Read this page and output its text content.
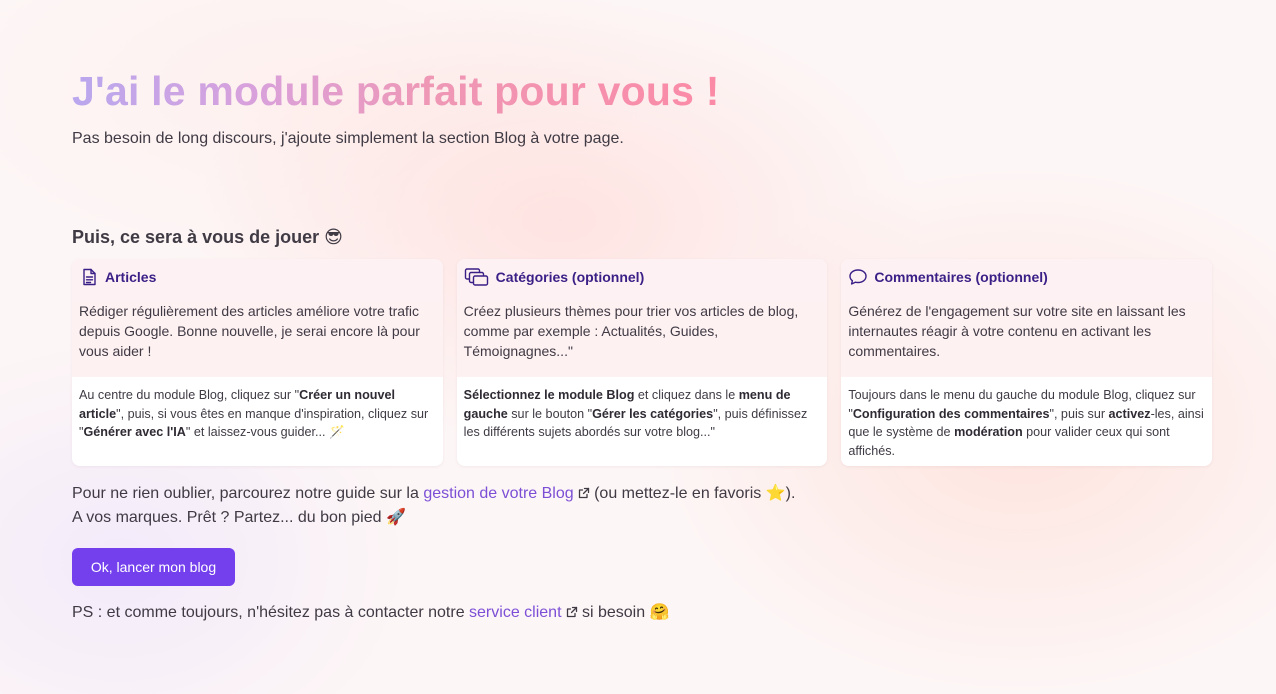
J'ai le module parfait pour vous !

Pas besoin de long discours, j'ajoute simplement la section Blog à votre page.

Puis, ce sera à vous de jouer 😎
Articles

Rédiger régulièrement des articles améliore votre trafic depuis Google. Bonne nouvelle, je serai encore là pour vous aider !

Au centre du module Blog, cliquez sur "Créer un nouvel article", puis, si vous êtes en manque d'inspiration, cliquez sur "Générer avec l'IA" et laissez-vous guider... 🪄
Catégories (optionnel)

Créez plusieurs thèmes pour trier vos articles de blog, comme par exemple : Actualités, Guides, Témoignagnes..."

Sélectionnez le module Blog et cliquez dans le menu de gauche sur le bouton "Gérer les catégories", puis définissez les différents sujets abordés sur votre blog..."
Commentaires (optionnel)

Générez de l'engagement sur votre site en laissant les internautes réagir à votre contenu en activant les commentaires.

Toujours dans le menu du gauche du module Blog, cliquez sur "Configuration des commentaires", puis sur activez-les, ainsi que le système de modération pour valider ceux qui sont affichés.

Pour ne rien oublier, parcourez notre guide sur la gestion de votre Blog (ou mettez-le en favoris ⭐).
A vos marques. Prêt ? Partez... du bon pied 🚀

Ok, lancer mon blog

PS : et comme toujours, n'hésitez pas à contacter notre service client si besoin 🤗
